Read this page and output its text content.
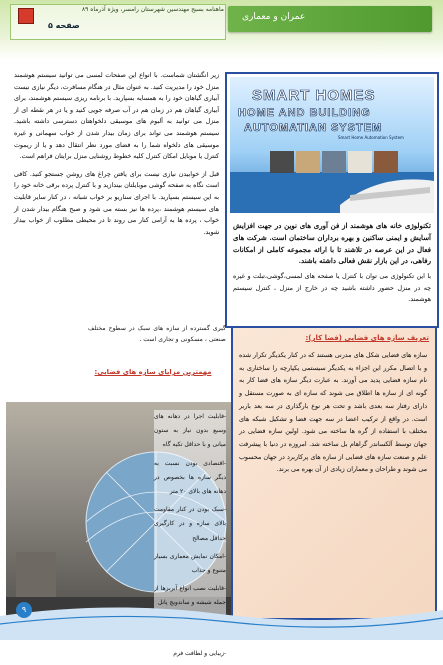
ماهنامه بسیج مهندسین شهرستان رامسر، ویژه آذرماه ۸۹
صفحه ۵
عمران و معماری

زیر انگشتان شماست. با انواع این صفحات لمسی می توانید سیستم هوشمند منزل خود را مدیریت کنید. به عنوان مثال در هنگام مسافرت، دیگر نیازی نیست آبیاری گیاهان خود را به همسایه بسپارید. با برنامه ریزی سیستم هوشمند، برای آبیاری گیاهان هم در زمان هم در آب صرفه جویی کنید و یا در هر نقطه ای از منزل می توانید به آلبوم های موسیقی دلخواهتان دسترسی داشته باشید. سیستم هوشمند می تواند برای زمان بیدار شدن از خواب سهمانی و غیره موسیقی های دلخواه شما را به فضای مورد نظر انتقال دهد و یا از ریموت کنترل یا موبایل امکان کنترل کلیه خطوط روشنایی منزل برایتان فراهم است.

قبل از خوابیدن نیازی نیست برای یافتن چراغ های روشن جستجو کنید. کافی است نگاه به صفحه گوشی موبایلتان بیندازید و با کنترل پرده برقی خانه خود را به این سیستم بسپارید. با اجرای سناریو بر خواب شبانه ، در کنار سایر قابلیت های سیستم هوشمند ،پرده ها نیز بسته می شود و صبح هنگام بیدار شدن از خواب ، پرده ها به آرامی کنار می روند تا در محیطی مطلوب از خواب بیدار شوید.

SMART HOMES
HOME AND BUILDING
AUTOMATIAN SYSTEM
Smart Home Automation System

تکنولوژی خانه های هوشمند از فن آوری های نوین در جهت افزایش آسایش و ایمنی ساکنین و بهره برداران ساختمان است. شرکت های فعال در این عرصه در تلاشند تا با ارائه مجموعه کاملی از امکانات رفاهی، در این بازار نقش فعالی داشته باشند.

با این تکنولوژی می توان با کنترل یا صفحه های لمسی،گوشی،تبلت و غیره چه در منزل حضور داشته باشید چه در خارج از منزل ، کنترل سیستم هوشمند.

گیری گسترده از سازه های سبک در سطوح مختلف صنعتی ، مسکونی و تجاری است .

مهمترین مزایای سازه های فضایی:

-قابلیت اجرا در دهانه های وسیع بدون نیاز به ستون میانی و با حداقل تکیه گاه

-اقتصادی بودن نسبت به دیگر سازه ها بخصوص در دهانه های بالای ۲۰ متر

-سبک بودن در کنار مقاومت بالای سازه و در کارگیری حداقل مصالح

-امکان نمایش معماری بسیار متنوع و جذاب

-قابلیت نصب انواع آبریزها از جمله شیشه و ساندویچ پانل

-زیبایی و لطافت فرم

تعریف سازه های فضایی (فضا کار):

سازه های فضایی شکل های مدرنی هستند که در کنار یکدیگر تکرار شده و با اتصال مکرر این اجزاء به یکدیگر سیستمی یکپارچه را ساختاری به نام سازه فضایی پدید می آورند. به عبارت دیگر سازه های فضا کار به گونه ای از سازه ها اطلاق می شوند که سازه ای به صورت مستقل و دارای رفتار سه بعدی باشد و تحت هر نوع بارگذاری در سه بعد باربر است. در واقع از ترکیب اعضا در سه جهت فضا و تشکیل شبکه های مختلف با استفاده از گره ها ساخته می شود. اولین سازه فضایی در جهان توسط آلکساندر گراهام بل ساخته شد. امروزه در دنیا با پیشرفت علم و صنعت سازه های فضایی از سازه های پرکاربرد در جهان محسوب می شوند و طراحان و معماران زیادی از آن بهره می برند.

۹
